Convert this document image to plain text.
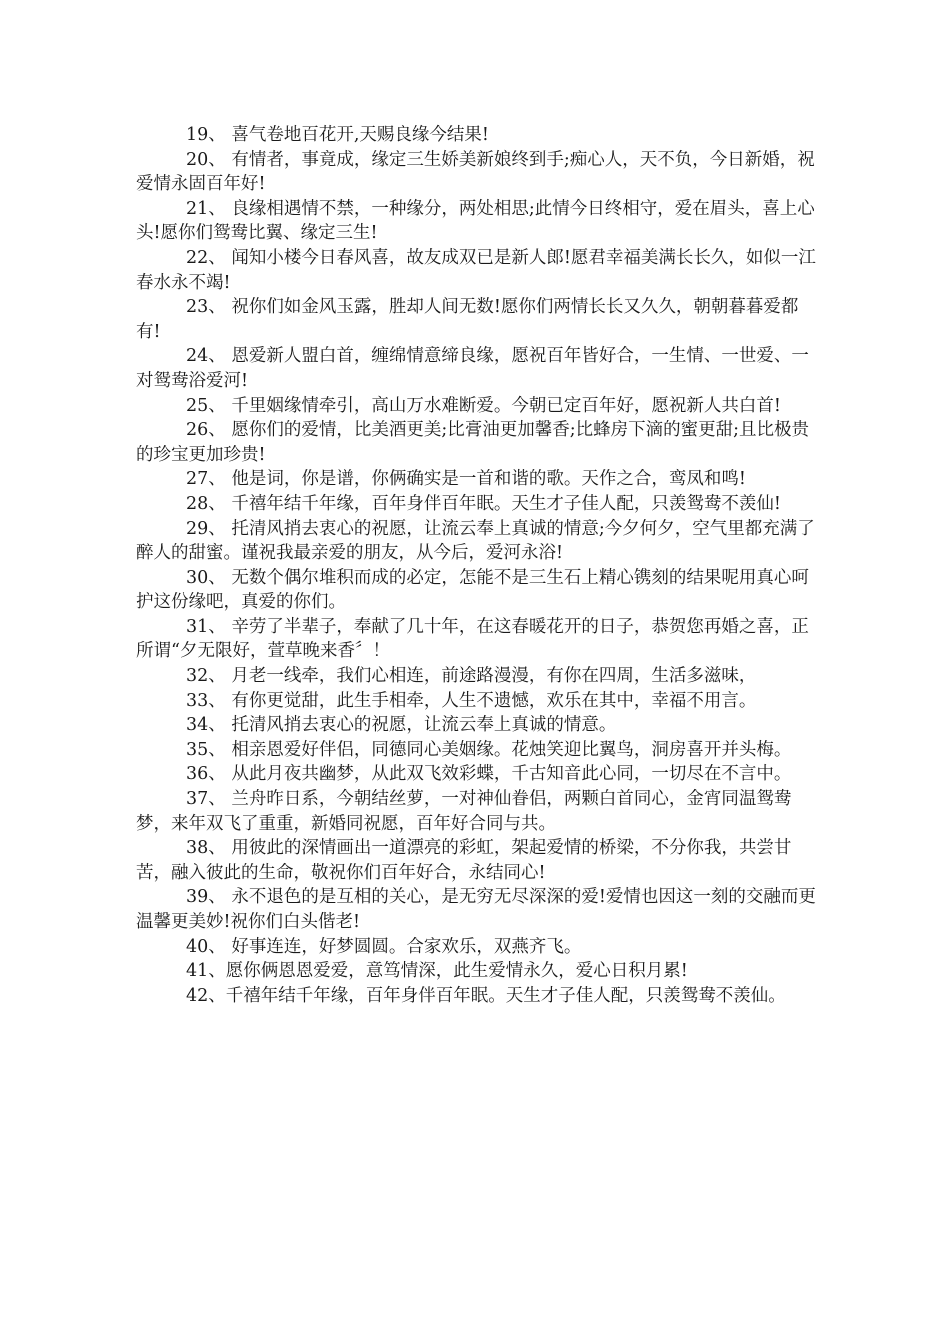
19、 喜气卷地百花开,天赐良缘今结果!

20、 有情者，事竟成，缘定三生娇美新娘终到手;痴心人，天不负，今日新婚，祝爱情永固百年好!

21、 良缘相遇情不禁，一种缘分，两处相思;此情今日终相守，爱在眉头，喜上心头!愿你们鸳鸯比翼、缘定三生!

22、 闻知小楼今日春风喜，故友成双已是新人郎!愿君幸福美满长长久，如似一江春水永不竭!

23、 祝你们如金风玉露，胜却人间无数!愿你们两情长长又久久，朝朝暮暮爱都有!

24、 恩爱新人盟白首，缠绵情意缔良缘，愿祝百年皆好合，一生情、一世爱、一对鸳鸯浴爱河!

25、 千里姻缘情牵引，高山万水难断爱。今朝已定百年好，愿祝新人共白首!

26、 愿你们的爱情，比美酒更美;比膏油更加馨香;比蜂房下滴的蜜更甜;且比极贵的珍宝更加珍贵!

27、 他是词，你是谱，你俩确实是一首和谐的歌。天作之合，鸾凤和鸣!

28、 千禧年结千年缘，百年身伴百年眠。天生才子佳人配，只羡鸳鸯不羡仙!

29、 托清风捎去衷心的祝愿，让流云奉上真诚的情意;今夕何夕，空气里都充满了醉人的甜蜜。谨祝我最亲爱的朋友，从今后，爱河永浴!

30、 无数个偶尔堆积而成的必定，怎能不是三生石上精心镌刻的结果呢用真心呵护这份缘吧，真爱的你们。

31、 辛劳了半辈子，奉献了几十年，在这春暖花开的日子，恭贺您再婚之喜，正所谓“夕无限好，萱草晚来香〞！

32、 月老一线牵，我们心相连，前途路漫漫，有你在四周，生活多滋味，

33、 有你更觉甜，此生手相牵，人生不遗憾，欢乐在其中，幸福不用言。

34、 托清风捎去衷心的祝愿，让流云奉上真诚的情意。

35、 相亲恩爱好伴侣，同德同心美姻缘。花烛笑迎比翼鸟，洞房喜开并头梅。

36、 从此月夜共幽梦，从此双飞效彩蝶，千古知音此心同，一切尽在不言中。

37、 兰舟昨日系，今朝结丝萝，一对神仙眷侣，两颗白首同心，金宵同温鸳鸯梦，来年双飞了重重，新婚同祝愿，百年好合同与共。

38、 用彼此的深情画出一道漂亮的彩虹，架起爱情的桥梁，不分你我，共尝甘苦，融入彼此的生命，敬祝你们百年好合，永结同心!

39、 永不退色的是互相的关心，是无穷无尽深深的爱!爱情也因这一刻的交融而更温馨更美妙!祝你们白头偕老!

40、 好事连连，好梦圆圆。合家欢乐，双燕齐飞。

41、愿你俩恩恩爱爱，意笃情深，此生爱情永久，爱心日积月累!

42、千禧年结千年缘，百年身伴百年眠。天生才子佳人配，只羡鸳鸯不羡仙。
